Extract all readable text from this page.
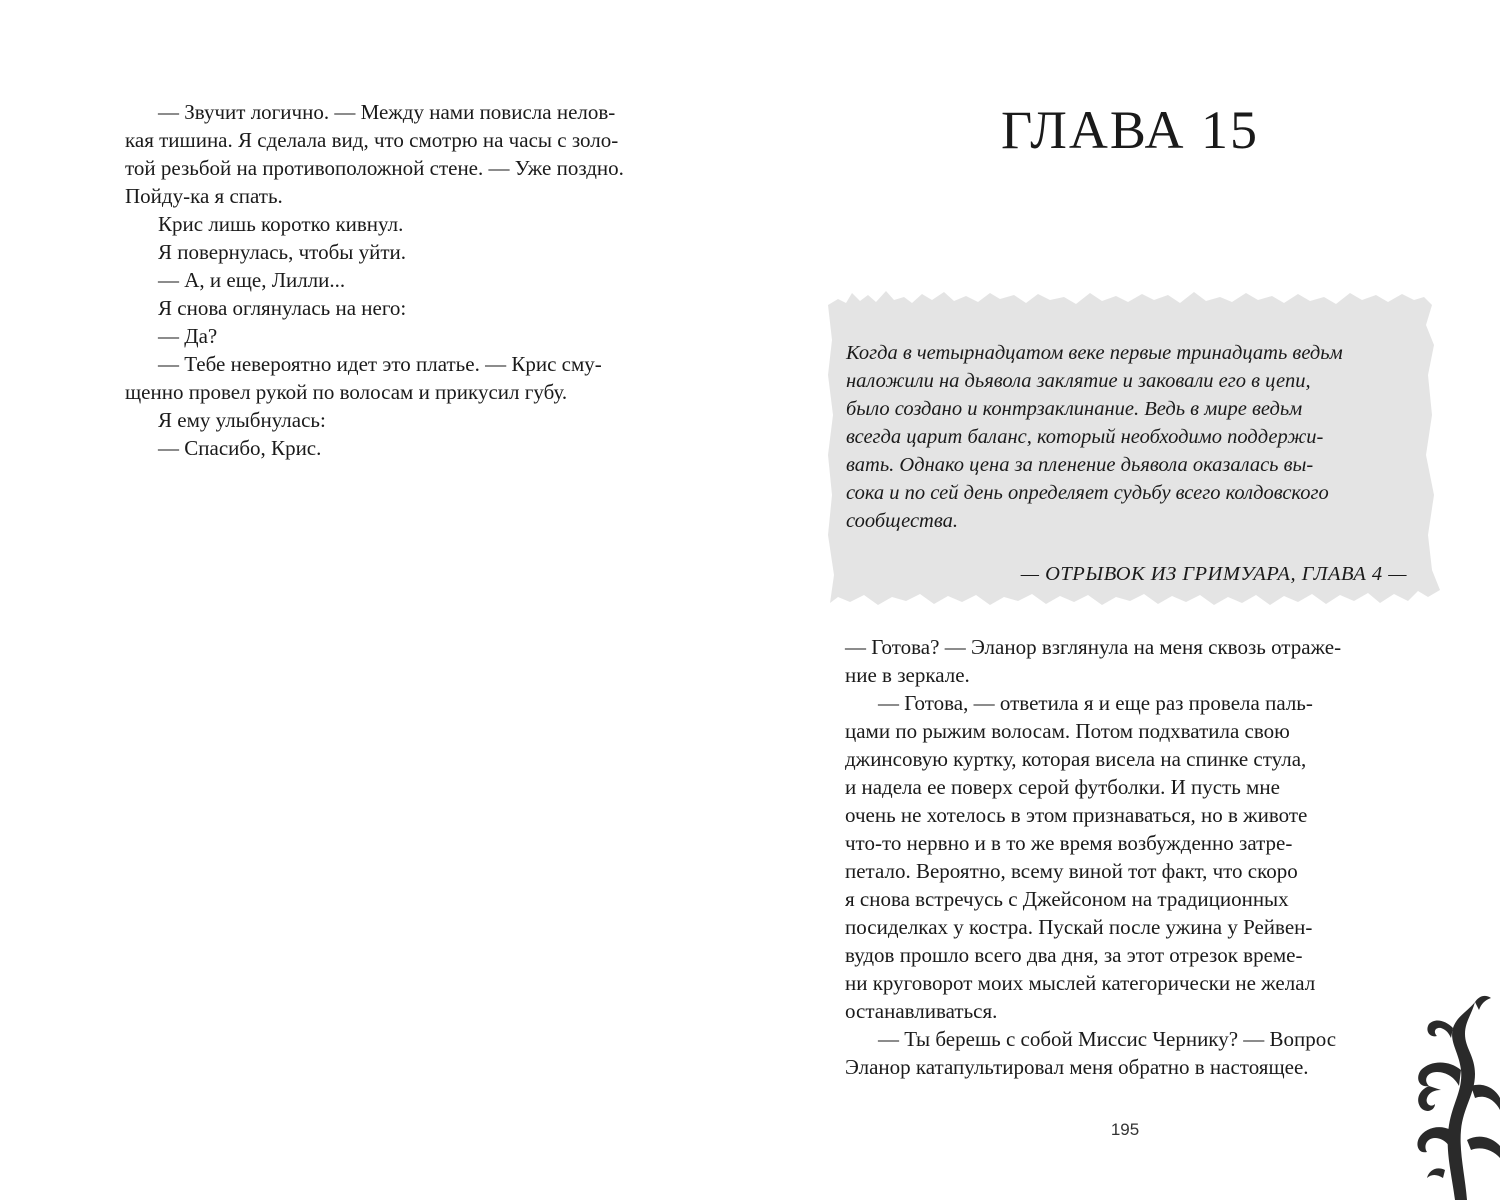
— Звучит логично. — Между нами повисла нелов-

кая тишина. Я сделала вид, что смотрю на часы с золо-

той резьбой на противоположной стене. — Уже поздно.

Пойду-ка я спать.

Крис лишь коротко кивнул.

Я повернулась, чтобы уйти.

— А, и еще, Лилли...

Я снова оглянулась на него:

— Да?

— Тебе невероятно идет это платье. — Крис сму-

щенно провел рукой по волосам и прикусил губу.

Я ему улыбнулась:

— Спасибо, Крис.

ГЛАВА 15
Когда в четырнадцатом веке первые тринадцать ведьм
наложили на дьявола заклятие и заковали его в цепи,
было создано и контрзаклинание. Ведь в мире ведьм
всегда царит баланс, который необходимо поддержи-
вать. Однако цена за пленение дьявола оказалась вы-
сока и по сей день определяет судьбу всего колдовского
сообщества.
— ОТРЫВОК ИЗ ГРИМУАРА, ГЛАВА 4 —

— Готова? — Эланор взглянула на меня сквозь отраже-

ние в зеркале.

— Готова, — ответила я и еще раз провела паль-

цами по рыжим волосам. Потом подхватила свою

джинсовую куртку, которая висела на спинке стула,

и надела ее поверх серой футболки. И пусть мне

очень не хотелось в этом признаваться, но в животе

что-то нервно и в то же время возбужденно затре-

петало. Вероятно, всему виной тот факт, что скоро

я снова встречусь с Джейсоном на традиционных

посиделках у костра. Пускай после ужина у Рейвен-

вудов прошло всего два дня, за этот отрезок време-

ни круговорот моих мыслей категорически не желал

останавливаться.

— Ты берешь с собой Миссис Чернику? — Вопрос

Эланор катапультировал меня обратно в настоящее.

195
